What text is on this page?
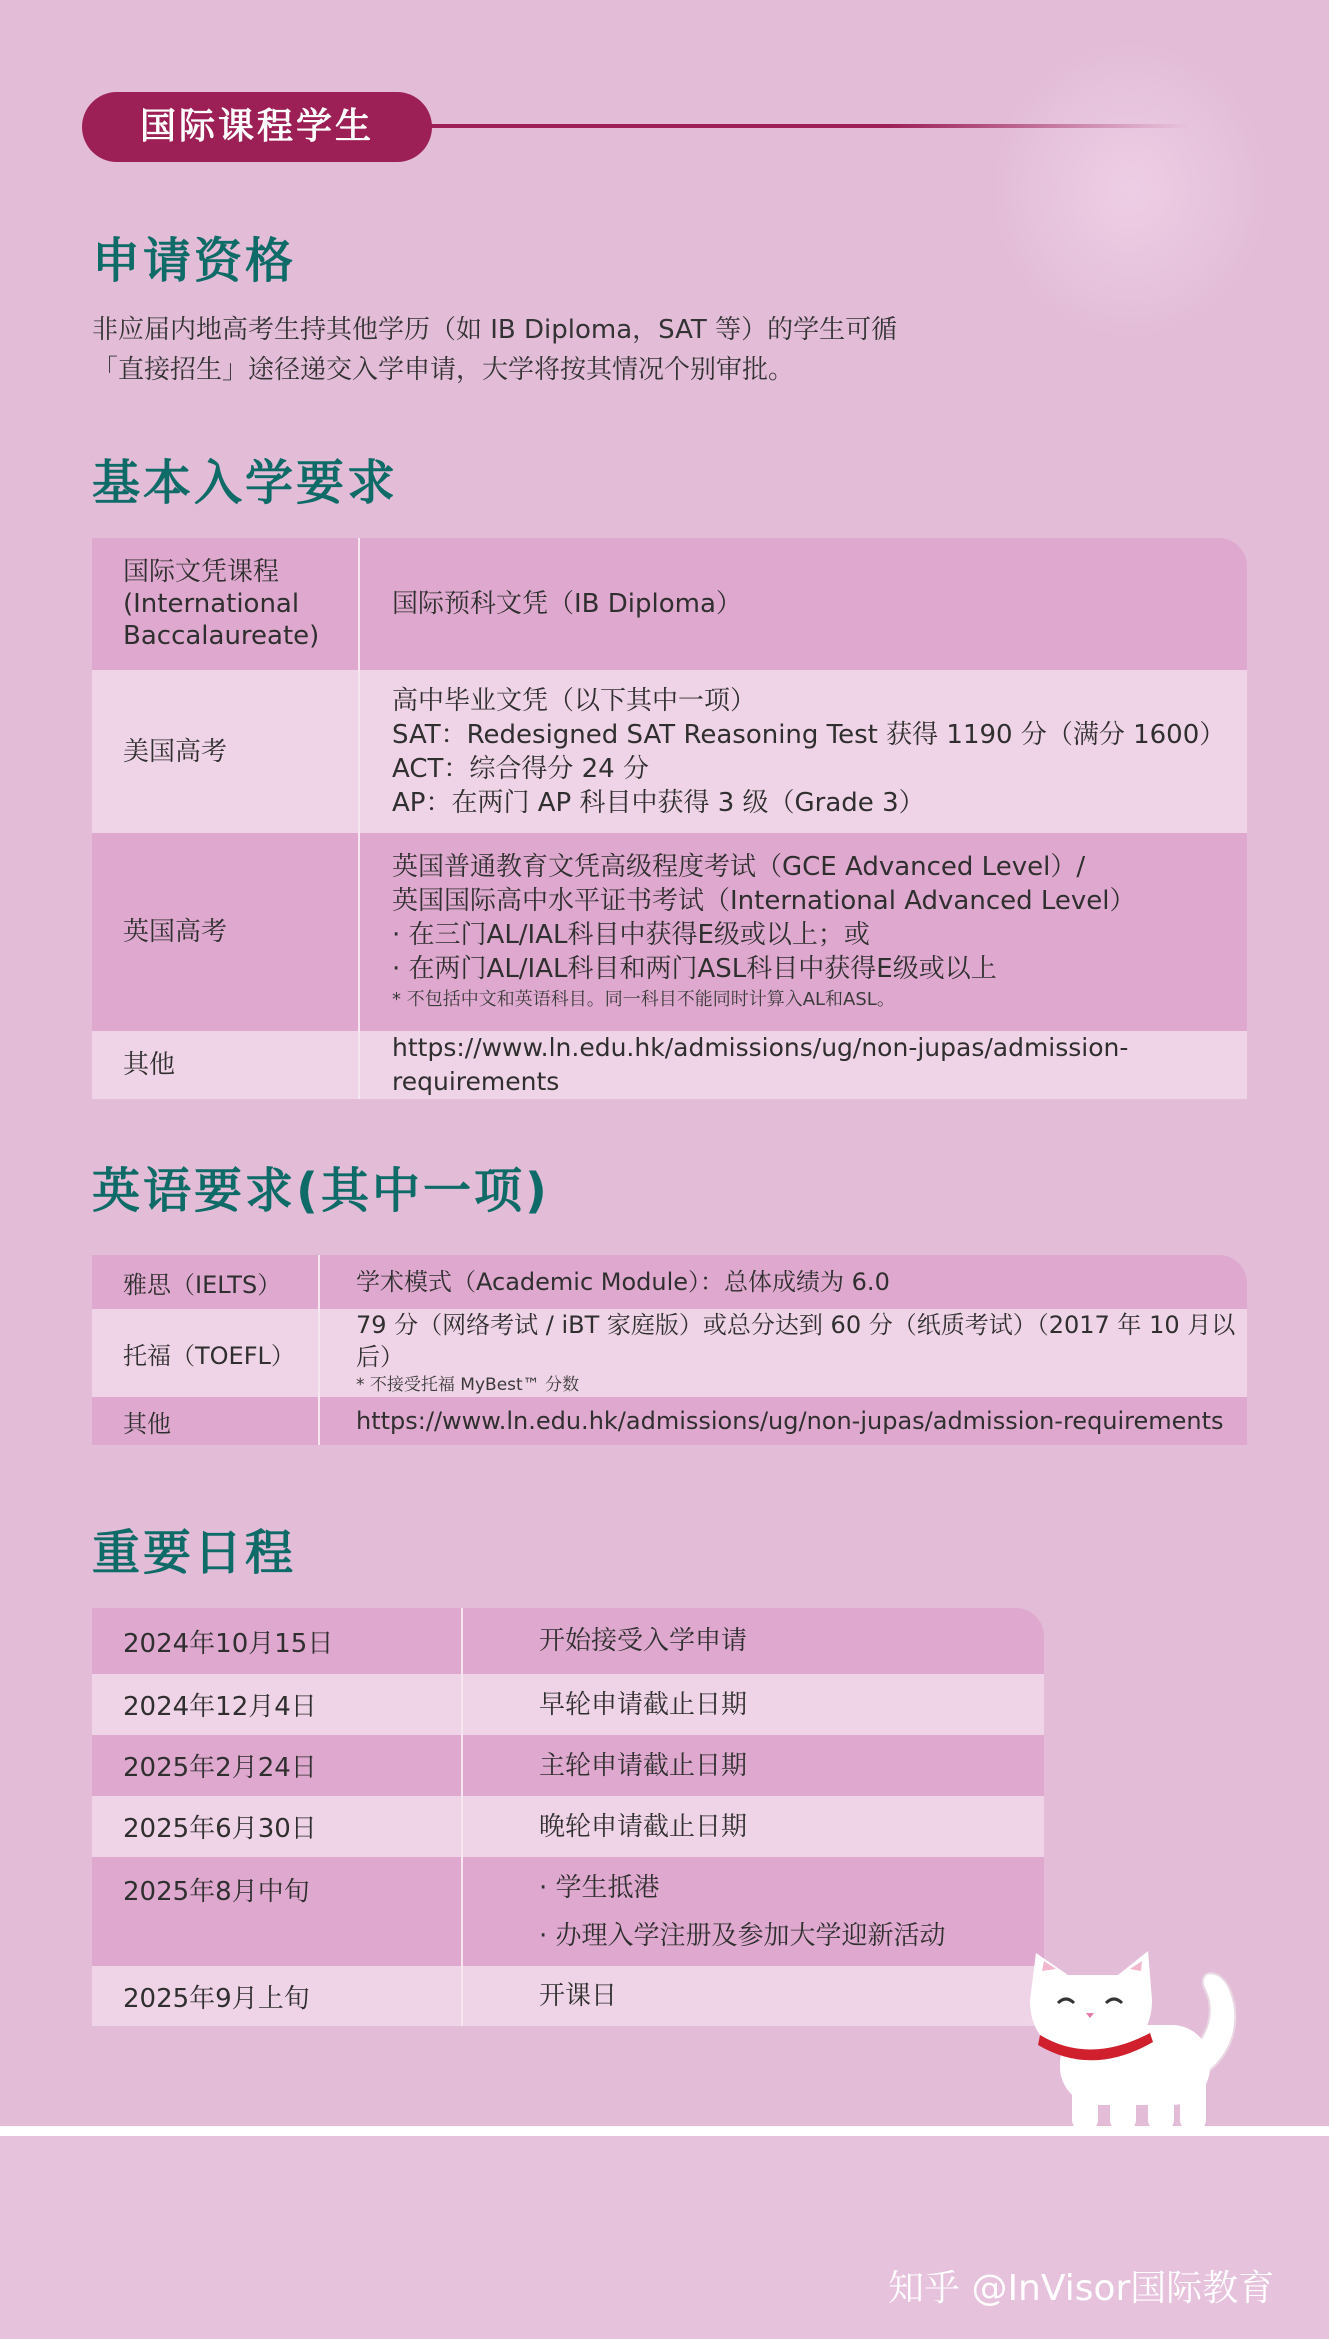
国际课程学生
申请资格
非应届内地高考生持其他学历（如 IB Diploma，SAT 等）的学生可循
「直接招生」途径递交入学申请，大学将按其情况个别审批。
基本入学要求
国际文凭课程
(International
Baccalaureate)	国际预科文凭（IB Diploma）

美国高考	高中毕业文凭（以下其中一项）
SAT：Redesigned SAT Reasoning Test 获得 1190 分（满分 1600）
ACT：综合得分 24 分
AP：在两门 AP 科目中获得 3 级（Grade 3）

英国高考	英国普通教育文凭高级程度考试（GCE Advanced Level）/
英国国际高中水平证书考试（International Advanced Level）
· 在三门AL/IAL科目中获得E级或以上；或
· 在两门AL/IAL科目和两门ASL科目中获得E级或以上
* 不包括中文和英语科目。同一科目不能同时计算入AL和ASL。

其他	https://www.ln.edu.hk/admissions/ug/non-jupas/admission-requirements
英语要求(其中一项)
雅思（IELTS）	学术模式（Academic Module）：总体成绩为 6.0

托福（TOEFL）	79 分（网络考试 / iBT 家庭版）或总分达到 60 分（纸质考试）（2017 年 10 月以后）
* 不接受托福 MyBest™ 分数

其他	https://www.ln.edu.hk/admissions/ug/non-jupas/admission-requirements
重要日程
2024年10月15日	开始接受入学申请

2024年12月4日	早轮申请截止日期

2025年2月24日	主轮申请截止日期

2025年6月30日	晚轮申请截止日期

2025年8月中旬	· 学生抵港
· 办理入学注册及参加大学迎新活动

2025年9月上旬	开课日
知乎 @InVisor国际教育
